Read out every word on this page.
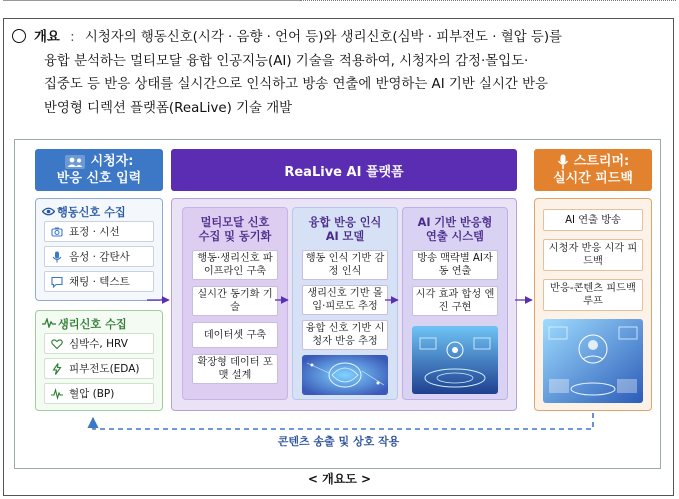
개요 : 시청자의 행동신호(시각 · 음향 · 언어 등)와 생리신호(심박 · 피부전도 · 혈압 등)를
융합 분석하는 멀티모달 융합 인공지능(AI) 기술을 적용하여, 시청자의 감정·몰입도·
집중도 등 반응 상태를 실시간으로 인식하고 방송 연출에 반영하는 AI 기반 실시간 반응
반영형 디렉션 플랫폼(ReaLive) 기술 개발
시청자:
반응 신호 입력	ReaLive AI 플랫폼
스트리머:
실시간 피드백
행동신호 수집
표정 · 시선
음성 · 감탄사
채팅 · 텍스트
생리신호 수집
심박수, HRV
피부전도(EDA)
혈압 (BP)
멀티모달 신호
수집 및 동기화
행동·생리신호 파이프라인 구축
실시간 동기화 기술
데이터셋 구축
확장형 데이터 포맷 설계
융합 반응 인식
AI 모델
행동 인식 기반 감정 인식
생리신호 기반 몰입·피로도 추정
융합 신호 기반 시청자 반응 추정
AI 기반 반응형
연출 시스템
방송 맥락별 AI자동 연출
시각 효과 합성 엔진 구현
AI 연출 방송
시청자 반응 시각 피드백
반응-콘텐츠 피드백 루프
콘텐츠 송출 및 상호 작용
< 개요도 >
